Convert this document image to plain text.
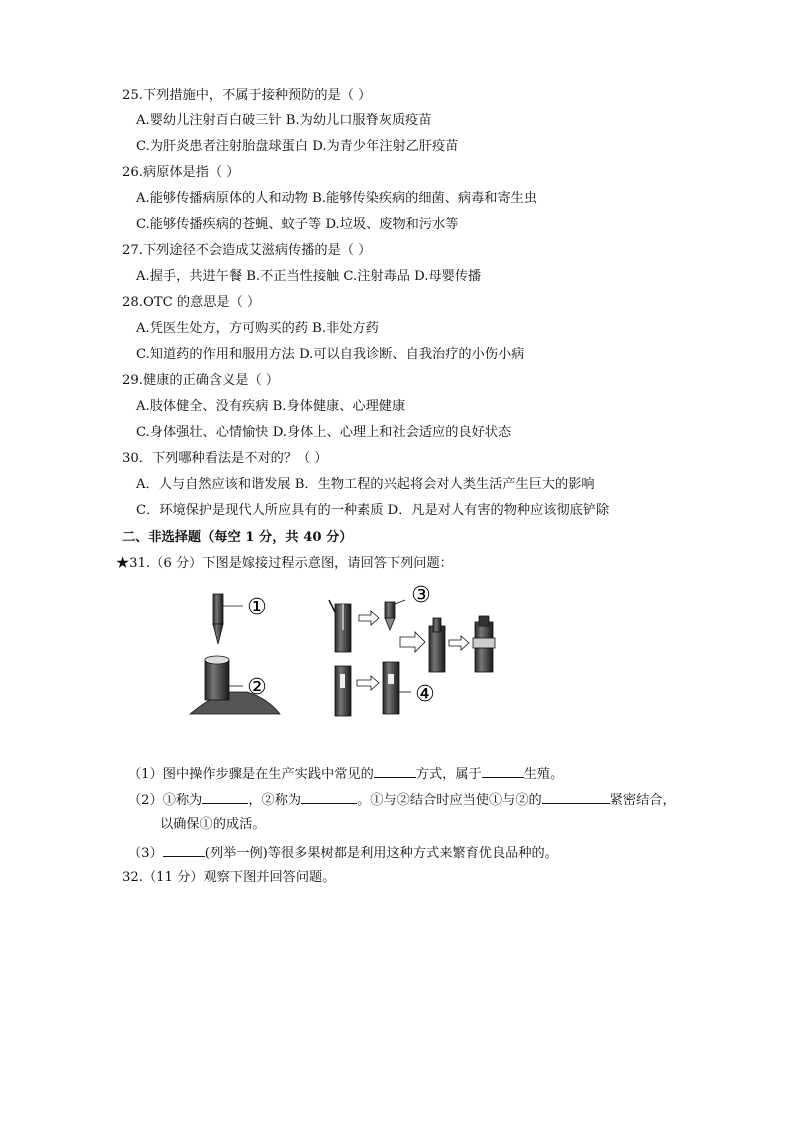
25.下列措施中，不属于接种预防的是（ ）
A.婴幼儿注射百白破三针 B.为幼儿口服脊灰质疫苗
C.为肝炎患者注射胎盘球蛋白 D.为青少年注射乙肝疫苗
26.病原体是指（ ）
A.能够传播病原体的人和动物 B.能够传染疾病的细菌、病毒和寄生虫
C.能够传播疾病的苍蝇、蚊子等 D.垃圾、废物和污水等
27.下列途径不会造成艾滋病传播的是（ ）
A.握手，共进午餐 B.不正当性接触 C.注射毒品 D.母婴传播
28.OTC 的意思是（ ）
A.凭医生处方，方可购买的药 B.非处方药
C.知道药的作用和服用方法 D.可以自我诊断、自我治疗的小伤小病
29.健康的正确含义是（ ）
A.肢体健全、没有疾病 B.身体健康、心理健康
C.身体强壮、心情愉快 D.身体上、心理上和社会适应的良好状态
30．下列哪种看法是不对的？（ ）
A．人与自然应该和谐发展 B．生物工程的兴起将会对人类生活产生巨大的影响
C．环境保护是现代人所应具有的一种素质 D．凡是对人有害的物种应该彻底铲除
二、非选择题（每空 1 分，共 40 分）
★31.（6 分）下图是嫁接过程示意图，请回答下列问题：
①
②
③
④
（1）图中操作步骤是在生产实践中常见的	方式，属于	生殖。
（2）①称为	，②称为	。①与②结合时应当使①与②的	紧密结合，
以确保①的成活。
（3）	(列举一例)等很多果树都是利用这种方式来繁育优良品种的。
32.（11 分）观察下图并回答问题。
